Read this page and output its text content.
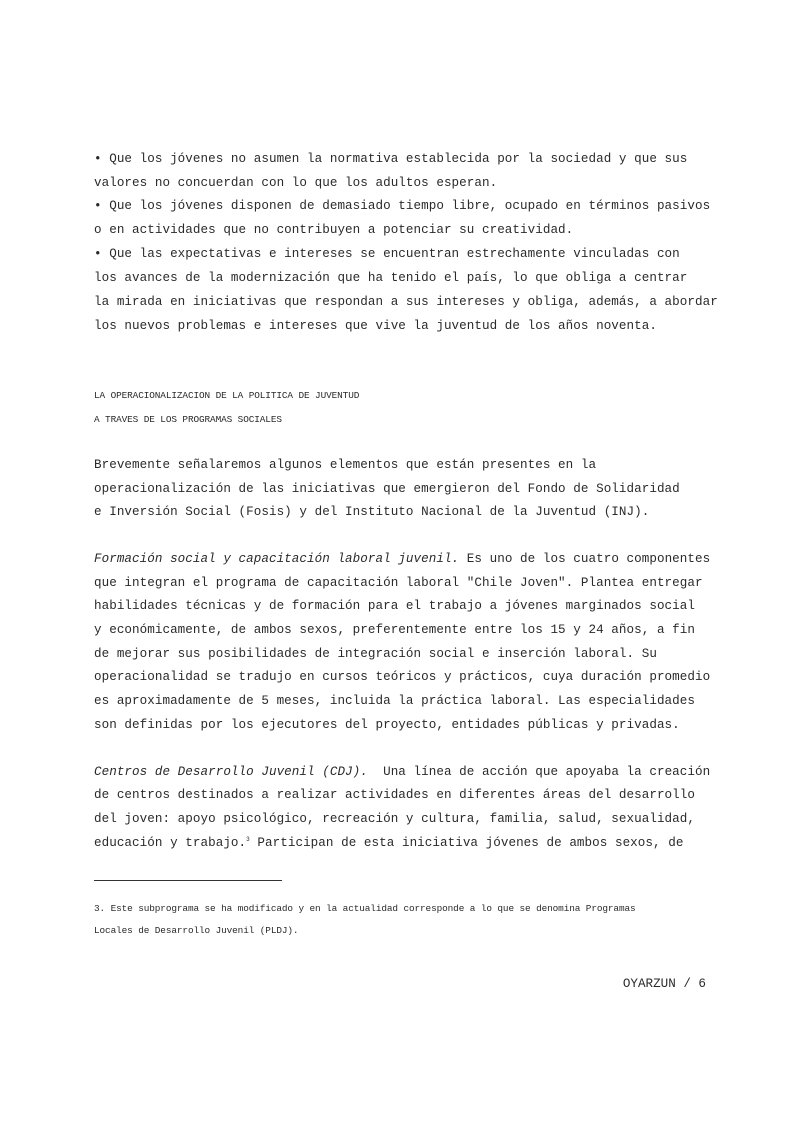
• Que los jóvenes no asumen la normativa establecida por la sociedad y que sus
valores no concuerdan con lo que los adultos esperan.
• Que los jóvenes disponen de demasiado tiempo libre, ocupado en términos pasivos
o en actividades que no contribuyen a potenciar su creatividad.
• Que las expectativas e intereses se encuentran estrechamente vinculadas con
los avances de la modernización que ha tenido el país, lo que obliga a centrar
la mirada en iniciativas que respondan a sus intereses y obliga, además, a abordar
los nuevos problemas e intereses que vive la juventud de los años noventa.
LA OPERACIONALIZACION DE LA POLITICA DE JUVENTUD
A TRAVES DE LOS PROGRAMAS SOCIALES
Brevemente señalaremos algunos elementos que están presentes en la
operacionalización de las iniciativas que emergieron del Fondo de Solidaridad
e Inversión Social (Fosis) y del Instituto Nacional de la Juventud (INJ).
Formación social y capacitación laboral juvenil. Es uno de los cuatro componentes
que integran el programa de capacitación laboral "Chile Joven". Plantea entregar
habilidades técnicas y de formación para el trabajo a jóvenes marginados social
y económicamente, de ambos sexos, preferentemente entre los 15 y 24 años, a fin
de mejorar sus posibilidades de integración social e inserción laboral. Su
operacionalidad se tradujo en cursos teóricos y prácticos, cuya duración promedio
es aproximadamente de 5 meses, incluida la práctica laboral. Las especialidades
son definidas por los ejecutores del proyecto, entidades públicas y privadas.
Centros de Desarrollo Juvenil (CDJ).  Una línea de acción que apoyaba la creación
de centros destinados a realizar actividades en diferentes áreas del desarrollo
del joven: apoyo psicológico, recreación y cultura, familia, salud, sexualidad,
educación y trabajo.$^3$ Participan de esta iniciativa jóvenes de ambos sexos, de
3. Este subprograma se ha modificado y en la actualidad corresponde a lo que se denomina Programas
Locales de Desarrollo Juvenil (PLDJ).
OYARZUN / 6
